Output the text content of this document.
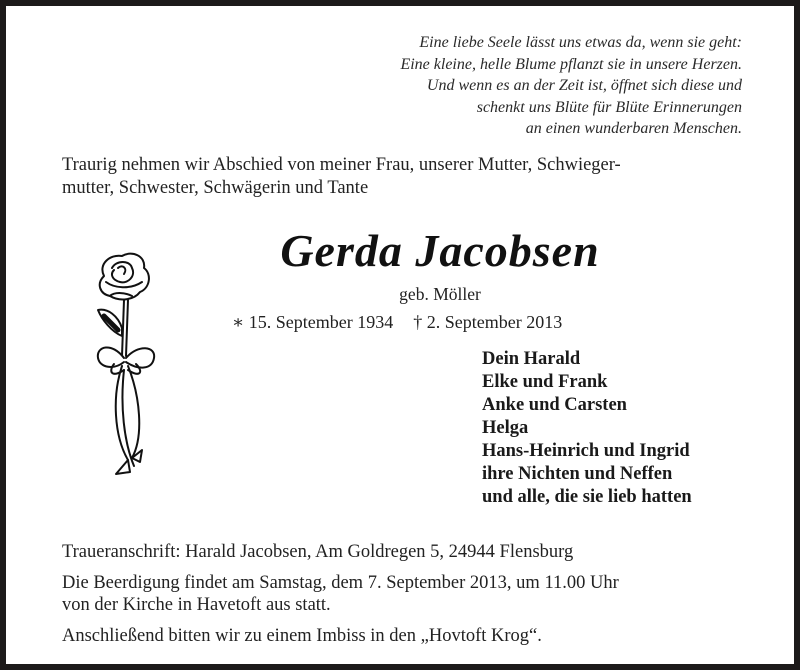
Eine liebe Seele lässt uns etwas da, wenn sie geht:
Eine kleine, helle Blume pflanzt sie in unsere Herzen.
Und wenn es an der Zeit ist, öffnet sich diese und
schenkt uns Blüte für Blüte Erinnerungen
an einen wunderbaren Menschen.
Traurig nehmen wir Abschied von meiner Frau, unserer Mutter, Schwieger-
mutter, Schwester, Schwägerin und Tante
Gerda Jacobsen
geb. Möller
∗ 15. September 1934 † 2. September 2013
Dein Harald
Elke und Frank
Anke und Carsten
Helga
Hans-Heinrich und Ingrid
ihre Nichten und Neffen
und alle, die sie lieb hatten

Traueranschrift: Harald Jacobsen, Am Goldregen 5, 24944 Flensburg

Die Beerdigung findet am Samstag, dem 7. September 2013, um 11.00 Uhr
von der Kirche in Havetoft aus statt.

Anschließend bitten wir zu einem Imbiss in den „Hovtoft Krog“.
